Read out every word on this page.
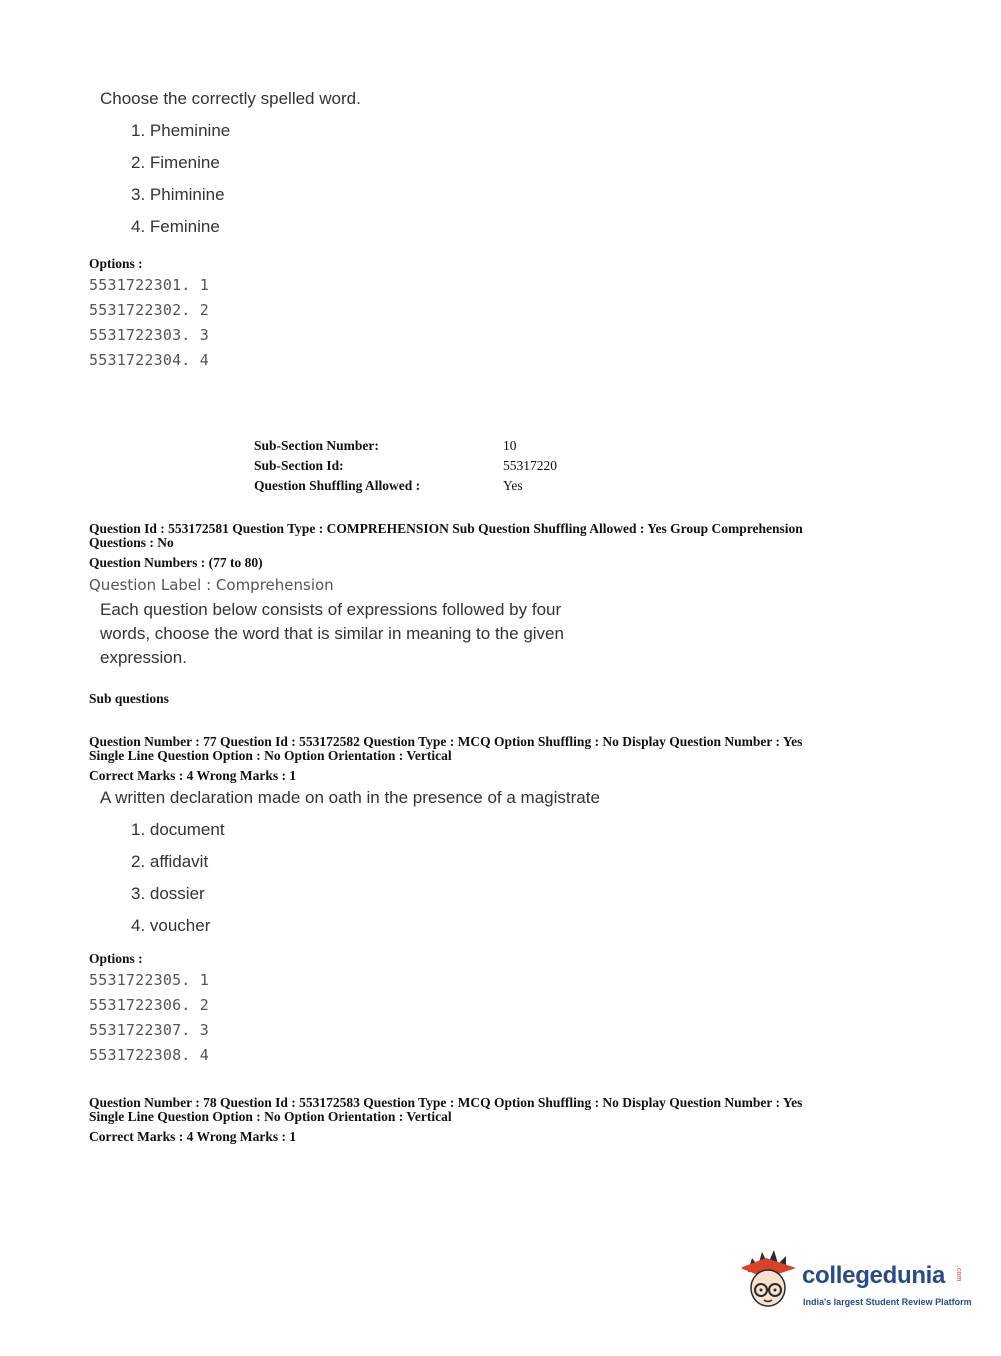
Choose the correctly spelled word.
1. Pheminine
2. Fimenine
3. Phiminine
4. Feminine
Options :
5531722301. 1
5531722302. 2
5531722303. 3
5531722304. 4
Sub-Section Number:	10
Sub-Section Id:	55317220
Question Shuffling Allowed :	Yes
Question Id : 553172581 Question Type : COMPREHENSION Sub Question Shuffling Allowed : Yes Group Comprehension
Questions : No
Question Numbers : (77 to 80)
Question Label : Comprehension
Each question below consists of expressions followed by four
words, choose the word that is similar in meaning to the given
expression.
Sub questions
Question Number : 77 Question Id : 553172582 Question Type : MCQ Option Shuffling : No Display Question Number : Yes
Single Line Question Option : No Option Orientation : Vertical
Correct Marks : 4 Wrong Marks : 1
A written declaration made on oath in the presence of a magistrate
1. document
2. affidavit
3. dossier
4. voucher
Options :
5531722305. 1
5531722306. 2
5531722307. 3
5531722308. 4
Question Number : 78 Question Id : 553172583 Question Type : MCQ Option Shuffling : No Display Question Number : Yes
Single Line Question Option : No Option Orientation : Vertical
Correct Marks : 4 Wrong Marks : 1
collegedunia .com
India's largest Student Review Platform
